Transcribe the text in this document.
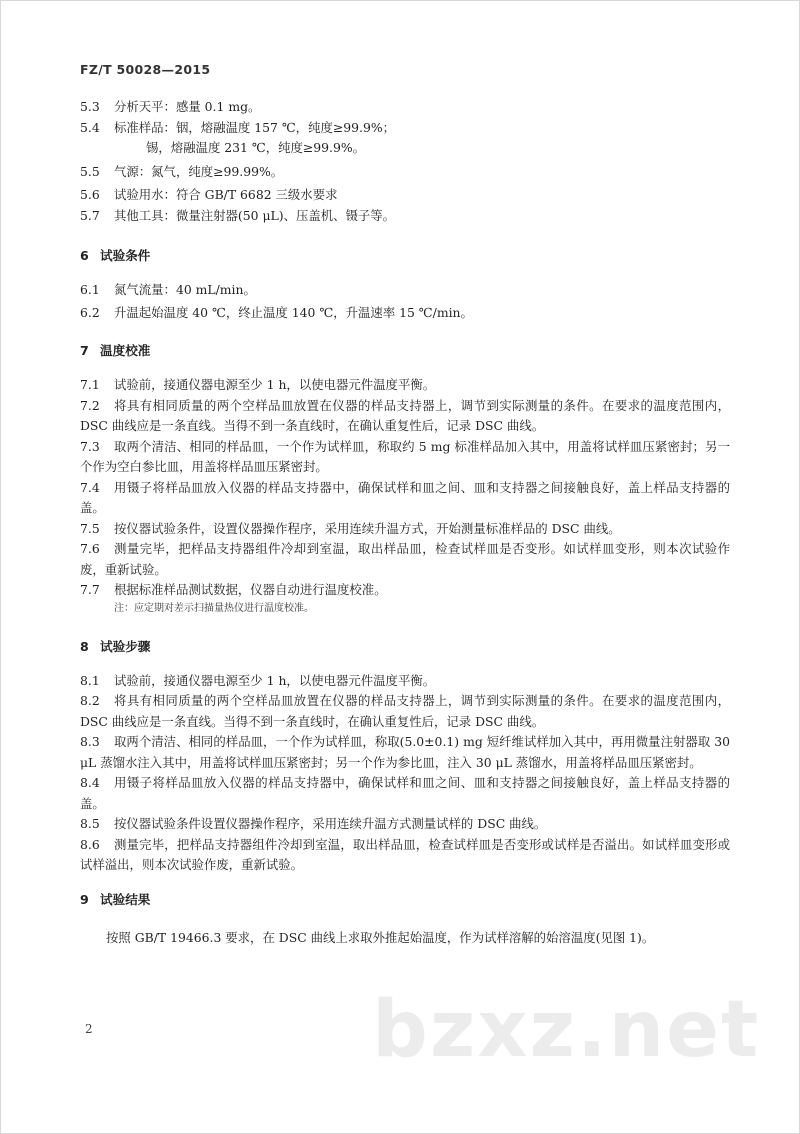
FZ/T 50028—2015
5.3	分析天平：感量 0.1 mg。
5.4	标准样品：铟，熔融温度 157 ℃，纯度≥99.9%；
锡，熔融温度 231 ℃，纯度≥99.9%。
5.5	气源：氮气，纯度≥99.99%。
5.6	试验用水：符合 GB/T 6682 三级水要求
5.7	其他工具：微量注射器(50 μL)、压盖机、镊子等。
6 试验条件
6.1	氮气流量：40 mL/min。
6.2	升温起始温度 40 ℃，终止温度 140 ℃，升温速率 15 ℃/min。
7 温度校准
7.1	试验前，接通仪器电源至少 1 h，以使电器元件温度平衡。
7.2	将具有相同质量的两个空样品皿放置在仪器的样品支持器上，调节到实际测量的条件。在要求的温度范围内，DSC 曲线应是一条直线。当得不到一条直线时，在确认重复性后，记录 DSC 曲线。
7.3	取两个清洁、相同的样品皿，一个作为试样皿，称取约 5 mg 标准样品加入其中，用盖将试样皿压紧密封；另一个作为空白参比皿，用盖将样品皿压紧密封。
7.4	用镊子将样品皿放入仪器的样品支持器中，确保试样和皿之间、皿和支持器之间接触良好，盖上样品支持器的盖。
7.5	按仪器试验条件，设置仪器操作程序，采用连续升温方式，开始测量标准样品的 DSC 曲线。
7.6	测量完毕，把样品支持器组件冷却到室温，取出样品皿，检查试样皿是否变形。如试样皿变形，则本次试验作废，重新试验。
7.7	根据标准样品测试数据，仪器自动进行温度校准。
注：应定期对差示扫描量热仪进行温度校准。
8 试验步骤
8.1	试验前，接通仪器电源至少 1 h，以使电器元件温度平衡。
8.2	将具有相同质量的两个空样品皿放置在仪器的样品支持器上，调节到实际测量的条件。在要求的温度范围内，DSC 曲线应是一条直线。当得不到一条直线时，在确认重复性后，记录 DSC 曲线。
8.3	取两个清洁、相同的样品皿，一个作为试样皿，称取(5.0±0.1) mg 短纤维试样加入其中，再用微量注射器取 30 μL 蒸馏水注入其中，用盖将试样皿压紧密封；另一个作为参比皿，注入 30 μL 蒸馏水，用盖将样品皿压紧密封。
8.4	用镊子将样品皿放入仪器的样品支持器中，确保试样和皿之间、皿和支持器之间接触良好，盖上样品支持器的盖。
8.5	按仪器试验条件设置仪器操作程序，采用连续升温方式测量试样的 DSC 曲线。
8.6	测量完毕，把样品支持器组件冷却到室温，取出样品皿，检查试样皿是否变形或试样是否溢出。如试样皿变形或试样溢出，则本次试验作废，重新试验。
9 试验结果
按照 GB/T 19466.3 要求，在 DSC 曲线上求取外推起始温度，作为试样溶解的始溶温度(见图 1)。
2	bzxz.net
